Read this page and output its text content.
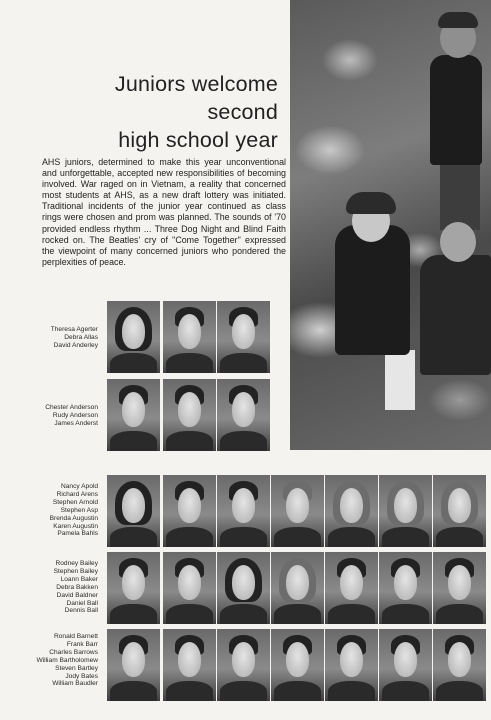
Juniors welcome
second
high school year
AHS juniors, determined to make this year unconventional and unforgettable, accepted new responsibilities of becoming involved. War raged on in Vietnam, a reality that concerned most students at AHS, as a new draft lottery was initiated. Traditional incidents of the junior year continued as class rings were chosen and prom was planned. The sounds of '70 provided endless rhythm ... Three Dog Night and Blind Faith rocked on. The Beatles' cry of "Come Together" expressed the viewpoint of many concerned juniors who pondered the perplexities of peace.
Theresa Agerter
Debra Allas
David Anderley
Chester Anderson
Rudy Anderson
James Anderst
Nancy Apold
Richard Arens
Stephen Arnold
Stephen Asp
Brenda Augustin
Karen Augustin
Pamela Bahls
Rodney Bailey
Stephen Bailey
Loann Baker
Debra Bakken
David Baldner
Daniel Ball
Dennis Ball
Ronald Barnett
Frank Barr
Charles Barrows
William Bartholomew
Steven Bartley
Jody Bates
William Baudler
